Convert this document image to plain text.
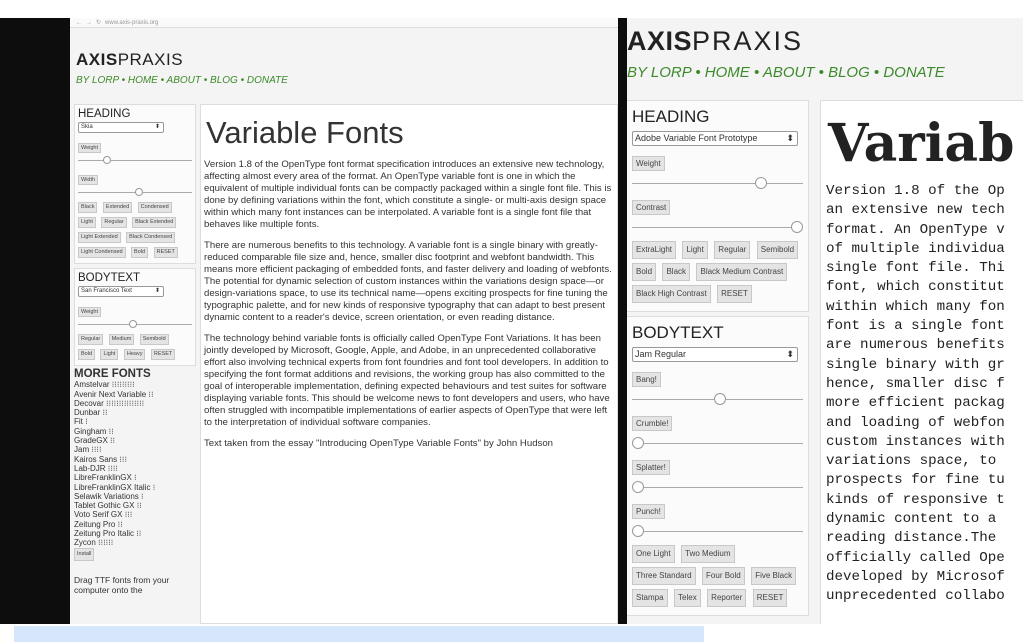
← → ↻ www.axis-praxis.org
AXISPRAXIS
BY LORP • HOME • ABOUT • BLOG • DONATE
HEADING
Skia	⬍
Weight
Width
Black Extended Condensed Light Regular Black Extended Light Extended Black Condensed Light Condensed Bold RESET
BODYTEXT
San Francisco Text	⬍
Weight
Regular Medium Semibold Bold Light Heavy RESET
MORE FONTS
Amstelvar ⁝⁝⁝⁝⁝⁝⁝⁝⁝
Avenir Next Variable ⁝⁝
Decovar ⁝⁝⁝⁝⁝⁝⁝⁝⁝⁝⁝⁝⁝⁝⁝
Dunbar ⁝⁝
Fit ⁝
Gingham ⁝⁝
GradeGX ⁝⁝
Jam ⁝⁝⁝⁝
Kairos Sans ⁝⁝⁝
Lab-DJR ⁝⁝⁝⁝
LibreFranklinGX ⁝
LibreFranklinGX Italic ⁝
Selawik Variations ⁝
Tablet Gothic GX ⁝⁝
Voto Serif GX ⁝⁝⁝
Zeitung Pro ⁝⁝
Zeitung Pro Italic ⁝⁝
Zycon ⁝⁝⁝⁝⁝⁝
Install
Drag TTF fonts from your computer onto the
Variable Fonts

Version 1.8 of the OpenType font format specification introduces an extensive new technology, affecting almost every area of the format. An OpenType variable font is one in which the equivalent of multiple individual fonts can be compactly packaged within a single font file. This is done by defining variations within the font, which constitute a single- or multi-axis design space within which many font instances can be interpolated. A variable font is a single font file that behaves like multiple fonts.

There are numerous benefits to this technology. A variable font is a single binary with greatly-reduced comparable file size and, hence, smaller disc footprint and webfont bandwidth. This means more efficient packaging of embedded fonts, and faster delivery and loading of webfonts. The potential for dynamic selection of custom instances within the variations design space—or design-variations space, to use its technical name—opens exciting prospects for fine tuning the typographic palette, and for new kinds of responsive typography that can adapt to best present dynamic content to a reader's device, screen orientation, or even reading distance.

The technology behind variable fonts is officially called OpenType Font Variations. It has been jointly developed by Microsoft, Google, Apple, and Adobe, in an unprecedented collaborative effort also involving technical experts from font foundries and font tool developers. In addition to specifying the font format additions and revisions, the working group has also committed to the goal of interoperable implementation, defining expected behaviours and test suites for software displaying variable fonts. This should be welcome news to font developers and users, who have often struggled with incompatible implementations of earlier aspects of OpenType that were left to the interpretation of individual software companies.

Text taken from the essay "Introducing OpenType Variable Fonts" by John Hudson

AXISPRAXIS
BY LORP • HOME • ABOUT • BLOG • DONATE
HEADING
Adobe Variable Font Prototype	⬍
Weight
Contrast
ExtraLight Light Regular Semibold Bold Black Black Medium Contrast Black High Contrast RESET
BODYTEXT
Jam Regular	⬍
Bang!
Crumble!
Splatter!
Punch!
One Light Two Medium Three Standard Four Bold Five Black Stampa Telex Reporter RESET
Variab

Version 1.8 of the Op
an extensive new tech
format. An OpenType v
of multiple individua
single font file. Thi
font, which constitut
within which many fon
font is a single font
are numerous benefits
single binary with gr
hence, smaller disc f
more efficient packag
and loading of webfon
custom instances with
variations space, to
prospects for fine tu
kinds of responsive t
dynamic content to a
reading distance.The
officially called Ope
developed by Microsof
unprecedented collabo
